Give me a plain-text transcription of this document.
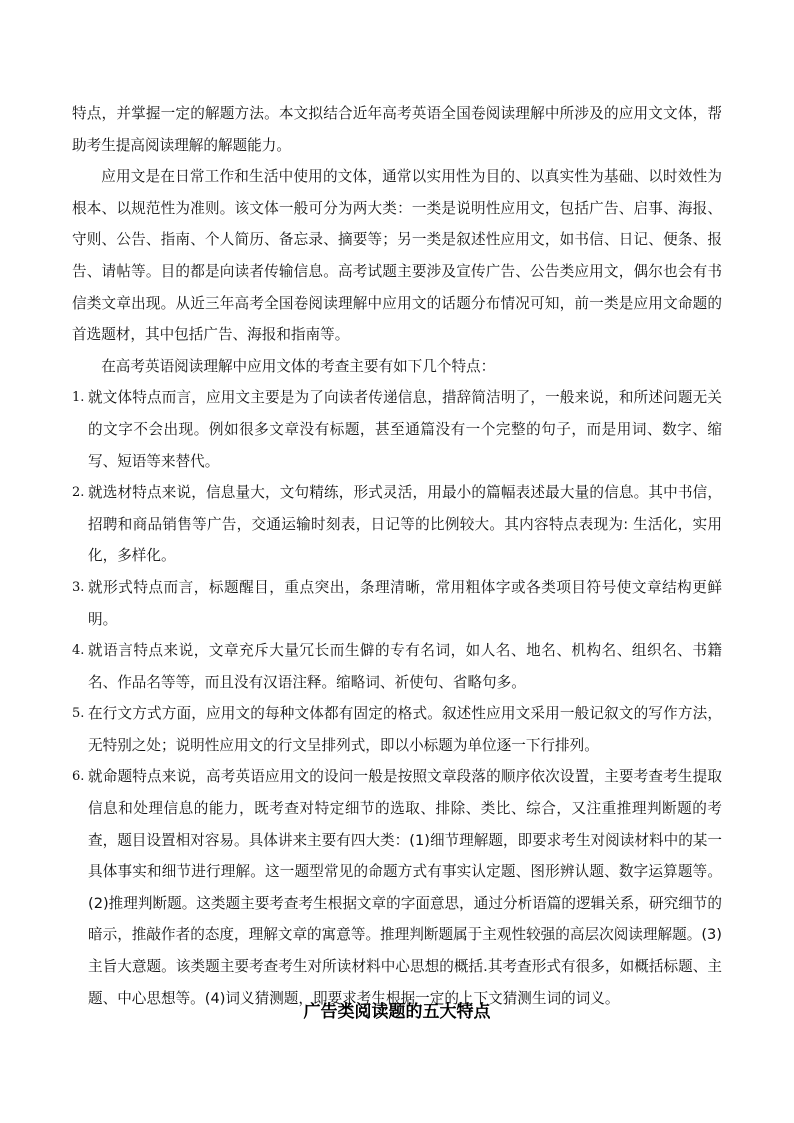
特点，并掌握一定的解题方法。本文拟结合近年高考英语全国卷阅读理解中所涉及的应用文文体，帮助考生提高阅读理解的解题能力。

应用文是在日常工作和生活中使用的文体，通常以实用性为目的、以真实性为基础、以时效性为根本、以规范性为准则。该文体一般可分为两大类：一类是说明性应用文，包括广告、启事、海报、守则、公告、指南、个人简历、备忘录、摘要等；另一类是叙述性应用文，如书信、日记、便条、报告、请帖等。目的都是向读者传输信息。高考试题主要涉及宣传广告、公告类应用文，偶尔也会有书信类文章出现。从近三年高考全国卷阅读理解中应用文的话题分布情况可知，前一类是应用文命题的首选题材，其中包括广告、海报和指南等。

在高考英语阅读理解中应用文体的考查主要有如下几个特点：

1. 就文体特点而言，应用文主要是为了向读者传递信息，措辞简洁明了，一般来说，和所述问题无关的文字不会出现。例如很多文章没有标题，甚至通篇没有一个完整的句子，而是用词、数字、缩写、短语等来替代。
2. 就选材特点来说，信息量大，文句精练，形式灵活，用最小的篇幅表述最大量的信息。其中书信，招聘和商品销售等广告，交通运输时刻表，日记等的比例较大。其内容特点表现为: 生活化，实用化，多样化。
3. 就形式特点而言，标题醒目，重点突出，条理清晰，常用粗体字或各类项目符号使文章结构更鲜明。
4. 就语言特点来说，文章充斥大量冗长而生僻的专有名词，如人名、地名、机构名、组织名、书籍名、作品名等等，而且没有汉语注释。缩略词、祈使句、省略句多。
5. 在行文方式方面，应用文的每种文体都有固定的格式。叙述性应用文采用一般记叙文的写作方法，无特别之处；说明性应用文的行文呈排列式，即以小标题为单位逐一下行排列。
6. 就命题特点来说，高考英语应用文的设问一般是按照文章段落的顺序依次设置，主要考查考生提取信息和处理信息的能力，既考查对特定细节的选取、排除、类比、综合，又注重推理判断题的考查，题目设置相对容易。具体讲来主要有四大类：(1)细节理解题，即要求考生对阅读材料中的某一具体事实和细节进行理解。这一题型常见的命题方式有事实认定题、图形辨认题、数字运算题等。(2)推理判断题。这类题主要考查考生根据文章的字面意思，通过分析语篇的逻辑关系，研究细节的暗示，推敲作者的态度，理解文章的寓意等。推理判断题属于主观性较强的高层次阅读理解题。(3)主旨大意题。该类题主要考查考生对所读材料中心思想的概括.其考查形式有很多，如概括标题、主题、中心思想等。(4)词义猜测题，即要求考生根据一定的上下文猜测生词的词义。
广告类阅读题的五大特点
